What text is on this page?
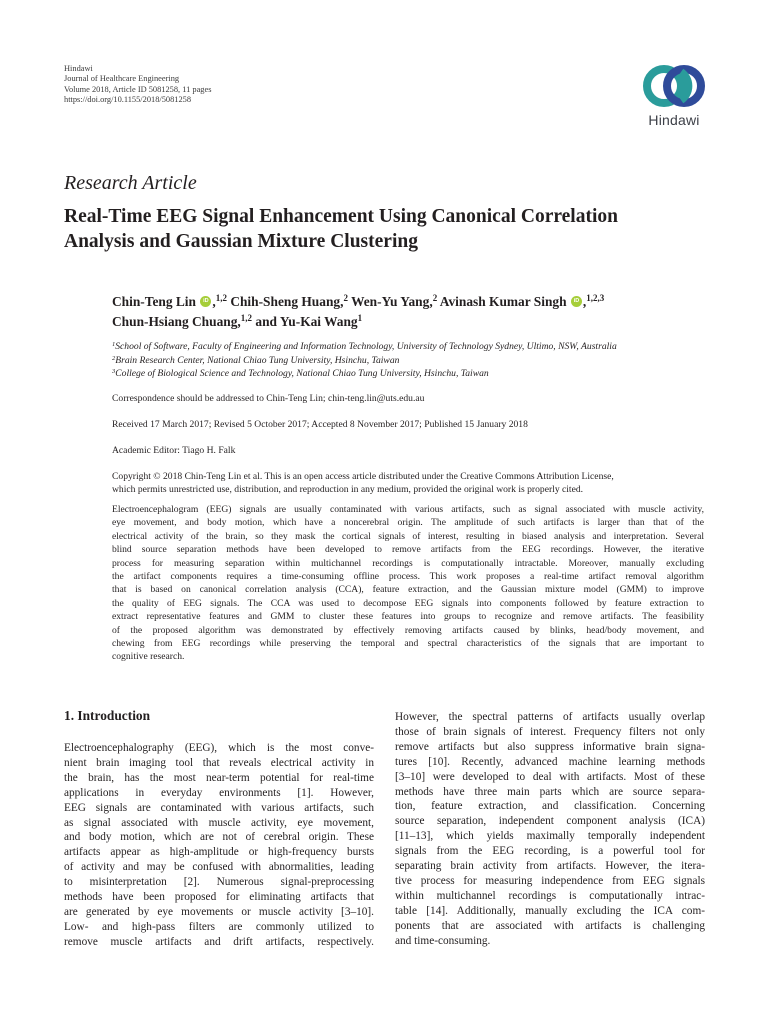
Hindawi
Journal of Healthcare Engineering
Volume 2018, Article ID 5081258, 11 pages
https://doi.org/10.1155/2018/5081258
Hindawi
Research Article
Real-Time EEG Signal Enhancement Using Canonical Correlation
Analysis and Gaussian Mixture Clustering
Chin-Teng Lin iD ,$^{1,2}$ Chih-Sheng Huang,$^2$ Wen-Yu Yang,$^2$ Avinash Kumar Singh iD ,$^{1,2,3}$
Chun-Hsiang Chuang,$^{1,2}$ and Yu-Kai Wang$^1$
$^1$School of Software, Faculty of Engineering and Information Technology, University of Technology Sydney, Ultimo, NSW, Australia
$^2$Brain Research Center, National Chiao Tung University, Hsinchu, Taiwan
$^3$College of Biological Science and Technology, National Chiao Tung University, Hsinchu, Taiwan
Correspondence should be addressed to Chin-Teng Lin; chin-teng.lin@uts.edu.au
Received 17 March 2017; Revised 5 October 2017; Accepted 8 November 2017; Published 15 January 2018
Academic Editor: Tiago H. Falk
Copyright © 2018 Chin-Teng Lin et al. This is an open access article distributed under the Creative Commons Attribution License,
which permits unrestricted use, distribution, and reproduction in any medium, provided the original work is properly cited.
Electroencephalogram (EEG) signals are usually contaminated with various artifacts, such as signal associated with muscle activity,
eye movement, and body motion, which have a noncerebral origin. The amplitude of such artifacts is larger than that of the
electrical activity of the brain, so they mask the cortical signals of interest, resulting in biased analysis and interpretation. Several
blind source separation methods have been developed to remove artifacts from the EEG recordings. However, the iterative
process for measuring separation within multichannel recordings is computationally intractable. Moreover, manually excluding
the artifact components requires a time-consuming offline process. This work proposes a real-time artifact removal algorithm
that is based on canonical correlation analysis (CCA), feature extraction, and the Gaussian mixture model (GMM) to improve
the quality of EEG signals. The CCA was used to decompose EEG signals into components followed by feature extraction to
extract representative features and GMM to cluster these features into groups to recognize and remove artifacts. The feasibility
of the proposed algorithm was demonstrated by effectively removing artifacts caused by blinks, head/body movement, and
chewing from EEG recordings while preserving the temporal and spectral characteristics of the signals that are important to
cognitive research.
1. Introduction
Electroencephalography (EEG), which is the most conve-
nient brain imaging tool that reveals electrical activity in
the brain, has the most near-term potential for real-time
applications in everyday environments [1]. However,
EEG signals are contaminated with various artifacts, such
as signal associated with muscle activity, eye movement,
and body motion, which are not of cerebral origin. These
artifacts appear as high-amplitude or high-frequency bursts
of activity and may be confused with abnormalities, leading
to misinterpretation [2]. Numerous signal-preprocessing
methods have been proposed for eliminating artifacts that
are generated by eye movements or muscle activity [3–10].
Low- and high-pass filters are commonly utilized to
remove muscle artifacts and drift artifacts, respectively.
However, the spectral patterns of artifacts usually overlap
those of brain signals of interest. Frequency filters not only
remove artifacts but also suppress informative brain signa-
tures [10]. Recently, advanced machine learning methods
[3–10] were developed to deal with artifacts. Most of these
methods have three main parts which are source separa-
tion, feature extraction, and classification. Concerning
source separation, independent component analysis (ICA)
[11–13], which yields maximally temporally independent
signals from the EEG recording, is a powerful tool for
separating brain activity from artifacts. However, the itera-
tive process for measuring independence from EEG signals
within multichannel recordings is computationally intrac-
table [14]. Additionally, manually excluding the ICA com-
ponents that are associated with artifacts is challenging
and time-consuming.
